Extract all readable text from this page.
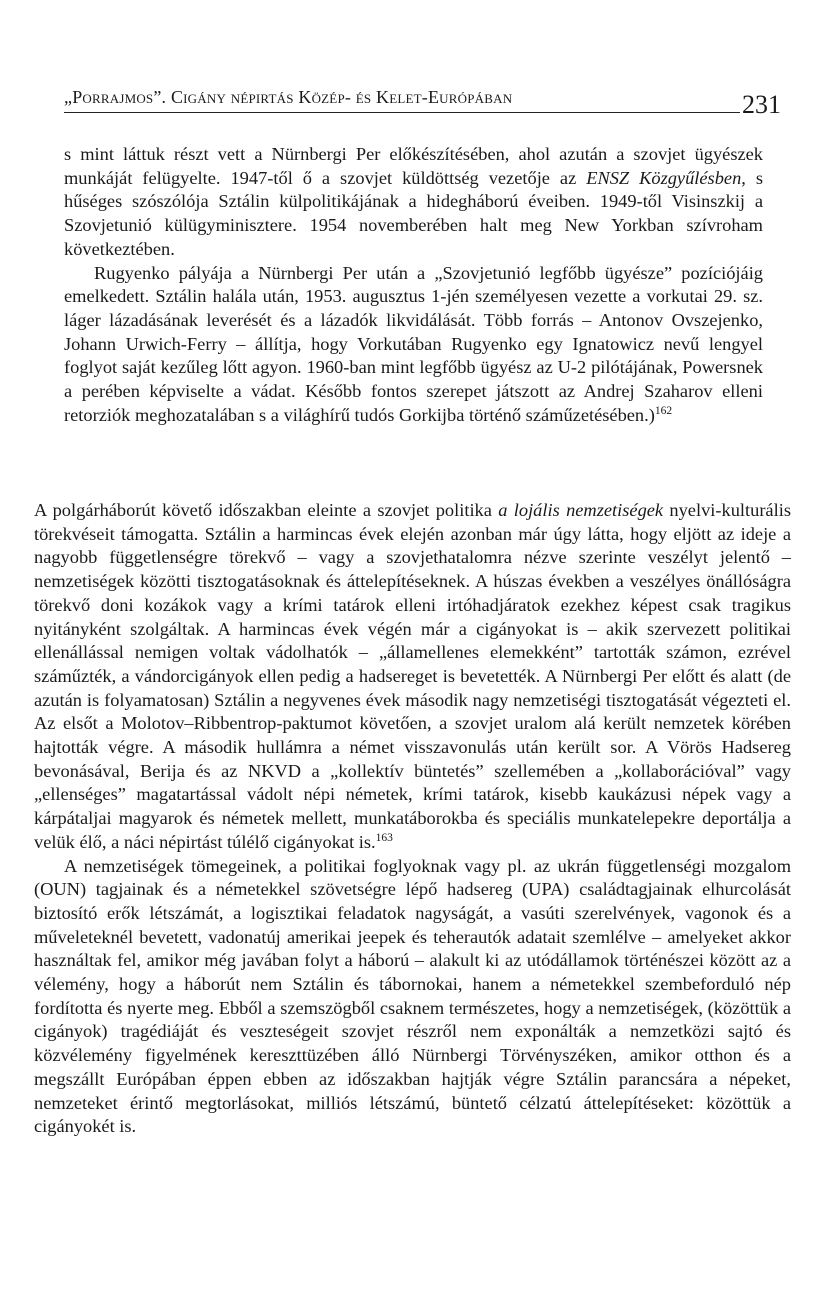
„Porrajmos”. Cigány népirtás Közép- és Kelet-Európában	231

s mint láttuk részt vett a Nürnbergi Per előkészítésében, ahol azután a szovjet ügyészek munkáját felügyelte. 1947-től ő a szovjet küldöttség vezetője az ENSZ Közgyűlésben, s hűséges szószólója Sztálin külpolitikájának a hidegháború éveiben. 1949-től Visinszkij a Szovjetunió külügyminisztere. 1954 novemberében halt meg New Yorkban szívroham következtében.

Rugyenko pályája a Nürnbergi Per után a „Szovjetunió legfőbb ügyésze” pozíciójáig emelkedett. Sztálin halála után, 1953. augusztus 1-jén személyesen vezette a vorkutai 29. sz. láger lázadásának leverését és a lázadók likvidálását. Több forrás – Antonov Ovszejenko, Johann Urwich-Ferry – állítja, hogy Vorkutában Rugyenko egy Ignatowicz nevű lengyel foglyot saját kezűleg lőtt agyon. 1960-ban mint legfőbb ügyész az U-2 pilótájának, Powersnek a perében képviselte a vádat. Később fontos szerepet játszott az Andrej Szaharov elleni retorziók meghozatalában s a világhírű tudós Gorkijba történő száműzetésében.)$^{162}$

A polgárháborút követő időszakban eleinte a szovjet politika a lojális nemzetiségek nyelvi-kulturális törekvéseit támogatta. Sztálin a harmincas évek elején azonban már úgy látta, hogy eljött az ideje a nagyobb függetlenségre törekvő – vagy a szovjethatalomra nézve szerinte veszélyt jelentő – nemzetiségek közötti tisztogatásoknak és áttelepítéseknek. A húszas években a veszélyes önállóságra törekvő doni kozákok vagy a krími tatárok elleni irtóhadjáratok ezekhez képest csak tragikus nyitányként szolgáltak. A harmincas évek végén már a cigányokat is – akik szervezett politikai ellenállással nemigen voltak vádolhatók – „államellenes elemekként” tartották számon, ezrével száműzték, a vándorcigányok ellen pedig a hadsereget is bevetették. A Nürnbergi Per előtt és alatt (de azután is folyamatosan) Sztálin a negyvenes évek második nagy nemzetiségi tisztogatását végezteti el. Az elsőt a Molotov–Ribbentrop-paktumot követően, a szovjet uralom alá került nemzetek körében hajtották végre. A második hullámra a német visszavonulás után került sor. A Vörös Hadsereg bevonásával, Berija és az NKVD a „kollektív büntetés” szellemében a „kollaborációval” vagy „ellenséges” magatartással vádolt népi németek, krími tatárok, kisebb kaukázusi népek vagy a kárpátaljai magyarok és németek mellett, munkatáborokba és speciális munkatelepekre deportálja a velük élő, a náci népirtást túlélő cigányokat is.$^{163}$

A nemzetiségek tömegeinek, a politikai foglyoknak vagy pl. az ukrán függetlenségi mozgalom (OUN) tagjainak és a németekkel szövetségre lépő hadsereg (UPA) családtagjainak elhurcolását biztosító erők létszámát, a logisztikai feladatok nagyságát, a vasúti szerelvények, vagonok és a műveleteknél bevetett, vadonatúj amerikai jeepek és teherautók adatait szemlélve – amelyeket akkor használtak fel, amikor még javában folyt a háború – alakult ki az utódállamok történészei között az a vélemény, hogy a háborút nem Sztálin és tábornokai, hanem a németekkel szembeforduló nép fordította és nyerte meg. Ebből a szemszögből csaknem természetes, hogy a nemzetiségek, (közöttük a cigányok) tragédiáját és veszteségeit szovjet részről nem exponálták a nemzetközi sajtó és közvélemény figyelmének kereszttüzében álló Nürnbergi Törvényszéken, amikor otthon és a megszállt Európában éppen ebben az időszakban hajtják végre Sztálin parancsára a népeket, nemzeteket érintő megtorlásokat, milliós létszámú, büntető célzatú áttelepítéseket: közöttük a cigányokét is.
